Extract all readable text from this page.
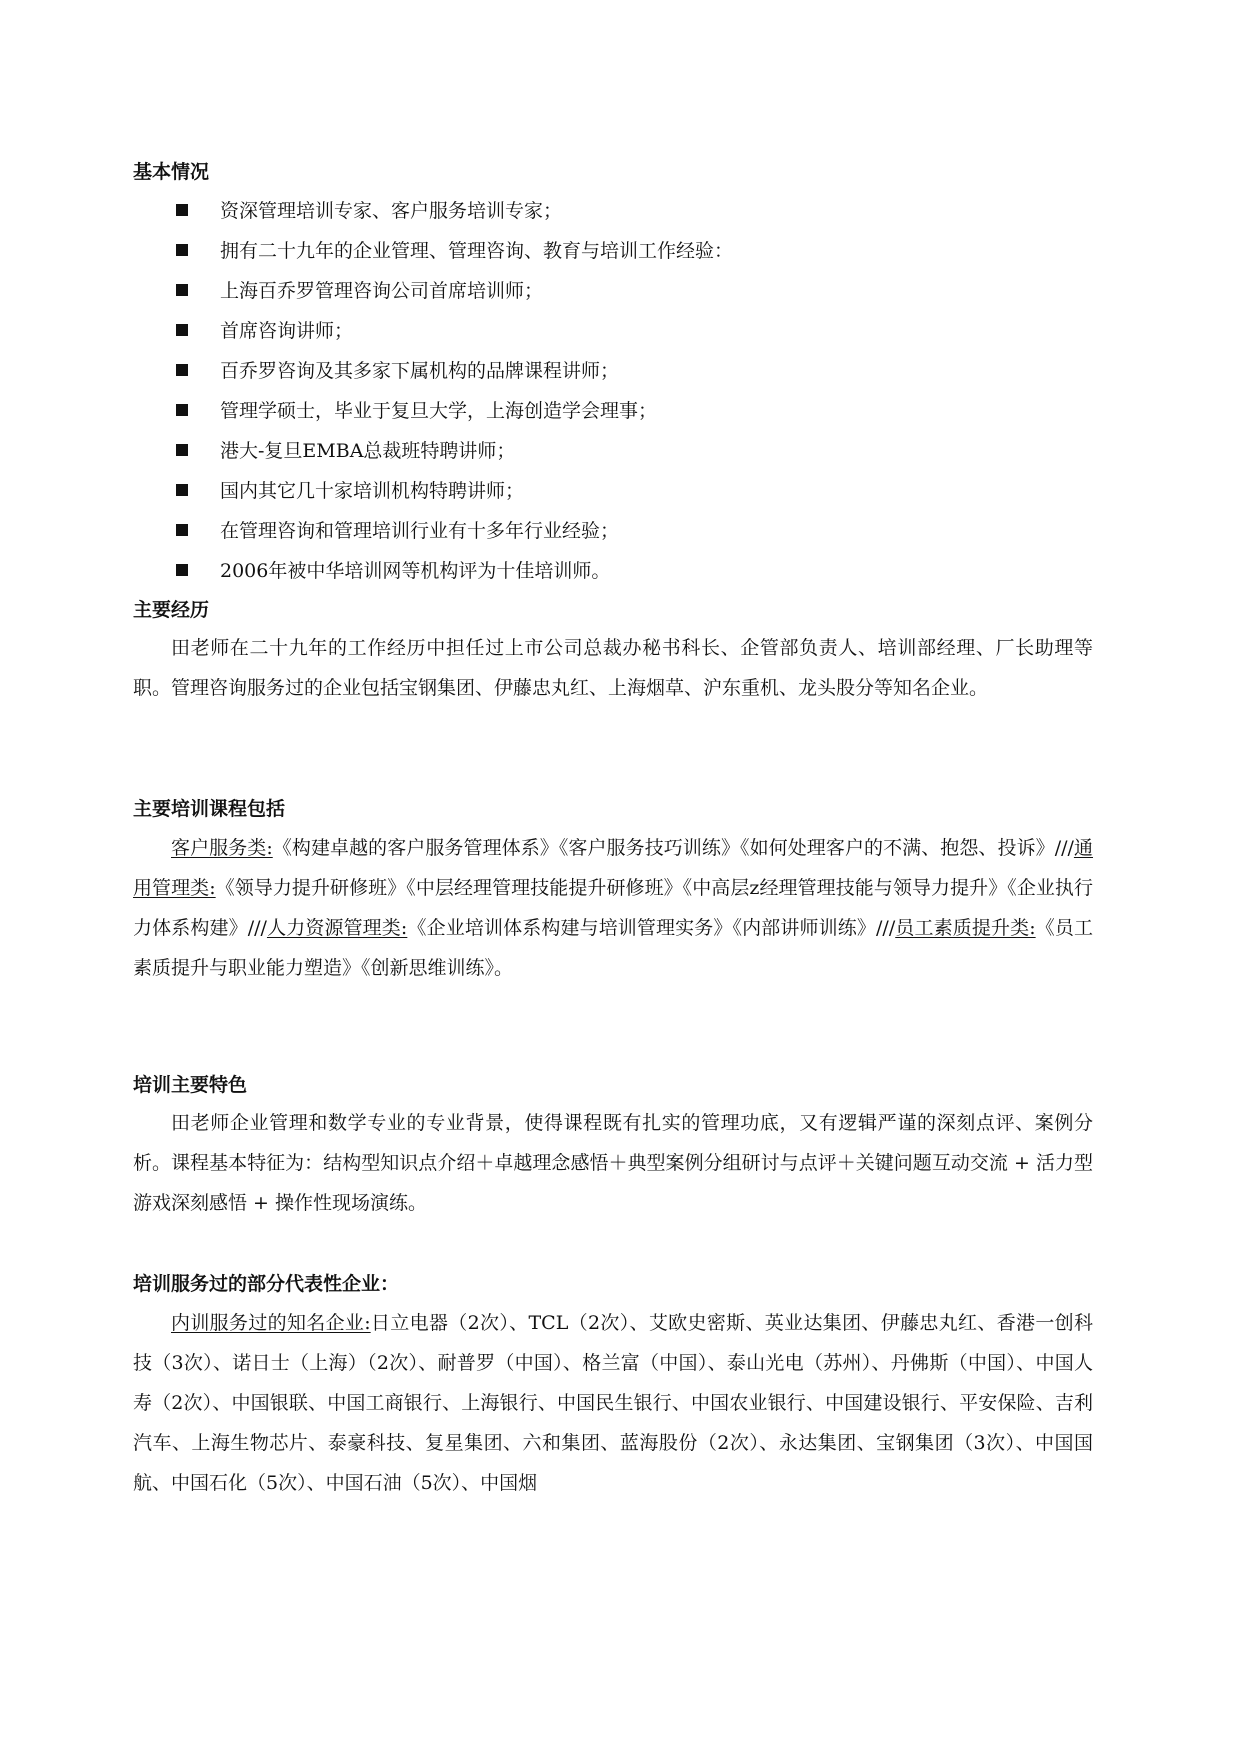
基本情况
资深管理培训专家、客户服务培训专家；
拥有二十九年的企业管理、管理咨询、教育与培训工作经验：
上海百乔罗管理咨询公司首席培训师；
首席咨询讲师；
百乔罗咨询及其多家下属机构的品牌课程讲师；
管理学硕士，毕业于复旦大学，上海创造学会理事；
港大-复旦EMBA总裁班特聘讲师；
国内其它几十家培训机构特聘讲师；
在管理咨询和管理培训行业有十多年行业经验；
2006年被中华培训网等机构评为十佳培训师。
主要经历

田老师在二十九年的工作经历中担任过上市公司总裁办秘书科长、企管部负责人、培训部经理、厂长助理等职。管理咨询服务过的企业包括宝钢集团、伊藤忠丸红、上海烟草、沪东重机、龙头股分等知名企业。

主要培训课程包括

客户服务类:《构建卓越的客户服务管理体系》《客户服务技巧训练》《如何处理客户的不满、抱怨、投诉》///通用管理类:《领导力提升研修班》《中层经理管理技能提升研修班》《中高层z经理管理技能与领导力提升》《企业执行力体系构建》///人力资源管理类:《企业培训体系构建与培训管理实务》《内部讲师训练》///员工素质提升类:《员工素质提升与职业能力塑造》《创新思维训练》。

培训主要特色

田老师企业管理和数学专业的专业背景，使得课程既有扎实的管理功底，又有逻辑严谨的深刻点评、案例分析。课程基本特征为：结构型知识点介绍＋卓越理念感悟＋典型案例分组研讨与点评＋关键问题互动交流 + 活力型游戏深刻感悟 + 操作性现场演练。

培训服务过的部分代表性企业：

内训服务过的知名企业:日立电器（2次）、TCL（2次）、艾欧史密斯、英业达集团、伊藤忠丸红、香港一创科技（3次）、诺日士（上海）（2次）、耐普罗（中国）、格兰富（中国）、泰山光电（苏州）、丹佛斯（中国）、中国人寿（2次）、中国银联、中国工商银行、上海银行、中国民生银行、中国农业银行、中国建设银行、平安保险、吉利汽车、上海生物芯片、泰豪科技、复星集团、六和集团、蓝海股份（2次）、永达集团、宝钢集团（3次）、中国国航、中国石化（5次）、中国石油（5次）、中国烟
